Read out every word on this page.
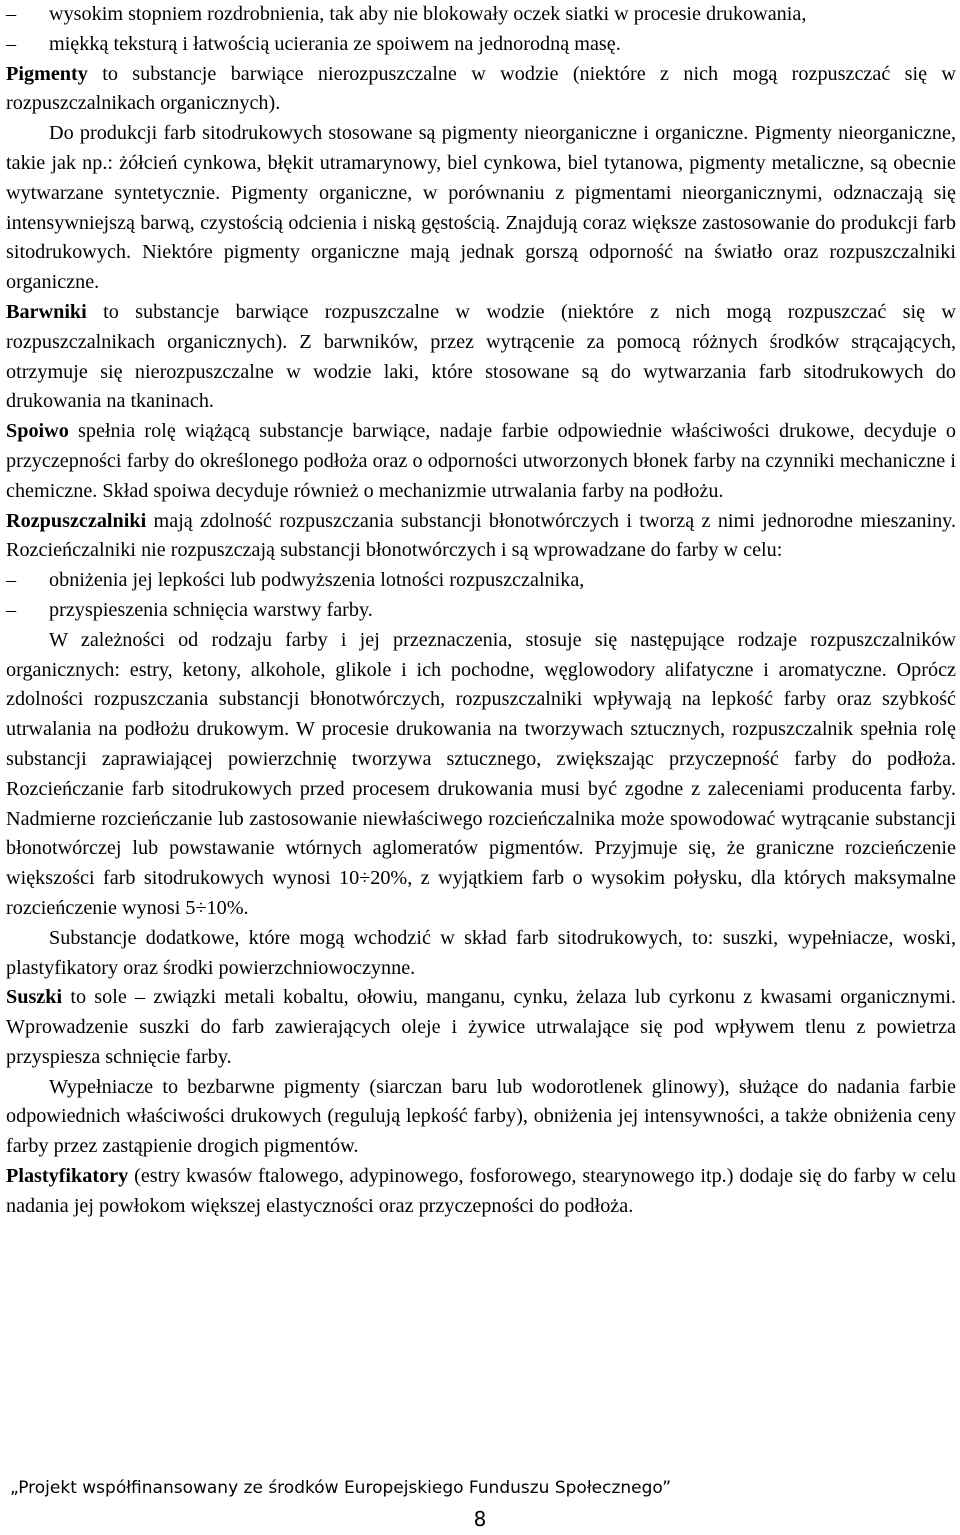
–	wysokim stopniem rozdrobnienia, tak aby nie blokowały oczek siatki w procesie drukowania,
–	miękką teksturą i łatwością ucierania ze spoiwem na jednorodną masę.

Pigmenty to substancje barwiące nierozpuszczalne w wodzie (niektóre z nich mogą rozpuszczać się w rozpuszczalnikach organicznych).

Do produkcji farb sitodrukowych stosowane są pigmenty nieorganiczne i organiczne. Pigmenty nieorganiczne, takie jak np.: żółcień cynkowa, błękit utramarynowy, biel cynkowa, biel tytanowa, pigmenty metaliczne, są obecnie wytwarzane syntetycznie. Pigmenty organiczne, w porównaniu z pigmentami nieorganicznymi, odznaczają się intensywniejszą barwą, czystością odcienia i niską gęstością. Znajdują coraz większe zastosowanie do produkcji farb sitodrukowych. Niektóre pigmenty organiczne mają jednak gorszą odporność na światło oraz rozpuszczalniki organiczne.

Barwniki to substancje barwiące rozpuszczalne w wodzie (niektóre z nich mogą rozpuszczać się w rozpuszczalnikach organicznych). Z barwników, przez wytrącenie za pomocą różnych środków strącających, otrzymuje się nierozpuszczalne w wodzie laki, które stosowane są do wytwarzania farb sitodrukowych do drukowania na tkaninach.

Spoiwo spełnia rolę wiążącą substancje barwiące, nadaje farbie odpowiednie właściwości drukowe, decyduje o przyczepności farby do określonego podłoża oraz o odporności utworzonych błonek farby na czynniki mechaniczne i chemiczne. Skład spoiwa decyduje również o mechanizmie utrwalania farby na podłożu.

Rozpuszczalniki mają zdolność rozpuszczania substancji błonotwórczych i tworzą z nimi jednorodne mieszaniny. Rozcieńczalniki nie rozpuszczają substancji błonotwórczych i są wprowadzane do farby w celu:

–	obniżenia jej lepkości lub podwyższenia lotności rozpuszczalnika,
–	przyspieszenia schnięcia warstwy farby.

W zależności od rodzaju farby i jej przeznaczenia, stosuje się następujące rodzaje rozpuszczalników organicznych: estry, ketony, alkohole, glikole i ich pochodne, węglowodory alifatyczne i aromatyczne. Oprócz zdolności rozpuszczania substancji błonotwórczych, rozpuszczalniki wpływają na lepkość farby oraz szybkość utrwalania na podłożu drukowym. W procesie drukowania na tworzywach sztucznych, rozpuszczalnik spełnia rolę substancji zaprawiającej powierzchnię tworzywa sztucznego, zwiększając przyczepność farby do podłoża. Rozcieńczanie farb sitodrukowych przed procesem drukowania musi być zgodne z zaleceniami producenta farby. Nadmierne rozcieńczanie lub zastosowanie niewłaściwego rozcieńczalnika może spowodować wytrącanie substancji błonotwórczej lub powstawanie wtórnych aglomeratów pigmentów. Przyjmuje się, że graniczne rozcieńczenie większości farb sitodrukowych wynosi 10÷20%, z wyjątkiem farb o wysokim połysku, dla których maksymalne rozcieńczenie wynosi 5÷10%.

Substancje dodatkowe, które mogą wchodzić w skład farb sitodrukowych, to: suszki, wypełniacze, woski, plastyfikatory oraz środki powierzchniowoczynne.

Suszki to sole – związki metali kobaltu, ołowiu, manganu, cynku, żelaza lub cyrkonu z kwasami organicznymi. Wprowadzenie suszki do farb zawierających oleje i żywice utrwalające się pod wpływem tlenu z powietrza przyspiesza schnięcie farby.

Wypełniacze to bezbarwne pigmenty (siarczan baru lub wodorotlenek glinowy), służące do nadania farbie odpowiednich właściwości drukowych (regulują lepkość farby), obniżenia jej intensywności, a także obniżenia ceny farby przez zastąpienie drogich pigmentów.

Plastyfikatory (estry kwasów ftalowego, adypinowego, fosforowego, stearynowego itp.) dodaje się do farby w celu nadania jej powłokom większej elastyczności oraz przyczepności do podłoża.

„Projekt współfinansowany ze środków Europejskiego Funduszu Społecznego”
8
